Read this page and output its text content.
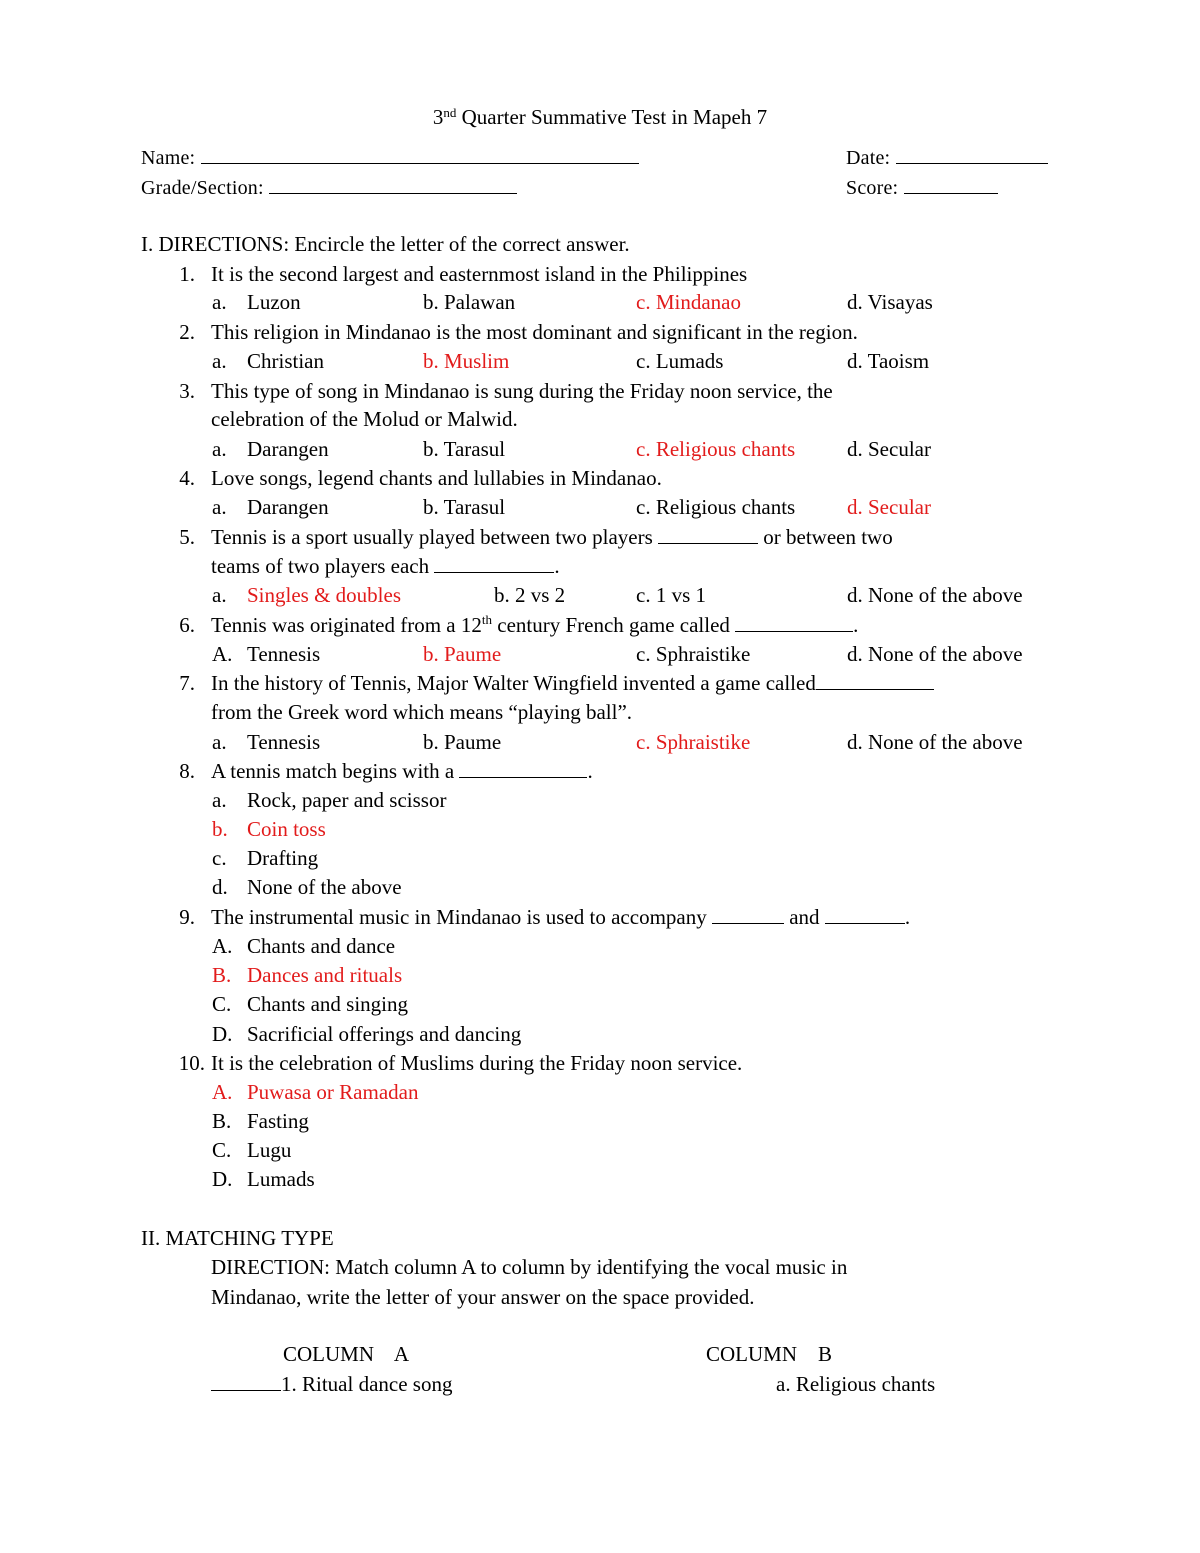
3nd Quarter Summative Test in Mapeh 7
Name:	Date:
Grade/Section:	Score:
I. DIRECTIONS: Encircle the letter of the correct answer.
1. It is the second largest and easternmost island in the Philippines
a. Luzon	b. Palawan	c. Mindanao	d. Visayas
2. This religion in Mindanao is the most dominant and significant in the region.
a. Christian	b. Muslim	c. Lumads	d. Taoism
3. This type of song in Mindanao is sung during the Friday noon service, the
celebration of the Molud or Malwid.
a. Darangen	b. Tarasul	c. Religious chants d. Secular
4. Love songs, legend chants and lullabies in Mindanao.
a. Darangen	b. Tarasul	c. Religious chants d. Secular
5. Tennis is a sport usually played between two players	or between two
teams of two players each	.
a. Singles & doubles	b. 2 vs 2	c. 1 vs 1	d. None of the above
6. Tennis was originated from a 12th century French game called	.
A. Tennesis	b. Paume	c. Sphraistike	d. None of the above
7. In the history of Tennis, Major Walter Wingfield invented a game called
from the Greek word which means “playing ball”.
a. Tennesis	b. Paume	c. Sphraistike	d. None of the above
8. A tennis match begins with a	.
a. Rock, paper and scissor
b. Coin toss
c. Drafting
d. None of the above
9. The instrumental music in Mindanao is used to accompany	and	.
A. Chants and dance
B. Dances and rituals
C. Chants and singing
D. Sacrificial offerings and dancing
10. It is the celebration of Muslims during the Friday noon service.
A. Puwasa or Ramadan
B. Fasting
C. Lugu
D. Lumads
II. MATCHING TYPE
DIRECTION: Match column A to column by identifying the vocal music in
Mindanao, write the letter of your answer on the space provided.
COLUMN    A	COLUMN    B
1. Ritual dance song	a. Religious chants
